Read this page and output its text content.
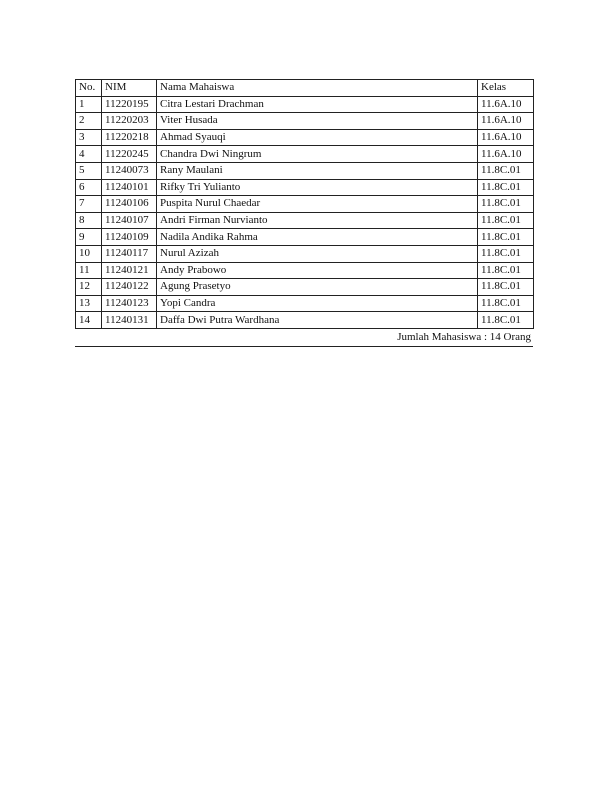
No.	NIM	Nama Mahaiswa	Kelas
1	11220195	Citra Lestari Drachman	11.6A.10
2	11220203	Viter Husada	11.6A.10
3	11220218	Ahmad Syauqi	11.6A.10
4	11220245	Chandra Dwi Ningrum	11.6A.10
5	11240073	Rany Maulani	11.8C.01
6	11240101	Rifky Tri Yulianto	11.8C.01
7	11240106	Puspita Nurul Chaedar	11.8C.01
8	11240107	Andri Firman Nurvianto	11.8C.01
9	11240109	Nadila Andika Rahma	11.8C.01
10	11240117	Nurul Azizah	11.8C.01
11	11240121	Andy Prabowo	11.8C.01
12	11240122	Agung Prasetyo	11.8C.01
13	11240123	Yopi Candra	11.8C.01
14	11240131	Daffa Dwi Putra Wardhana	11.8C.01
Jumlah Mahasiswa : 14 Orang
